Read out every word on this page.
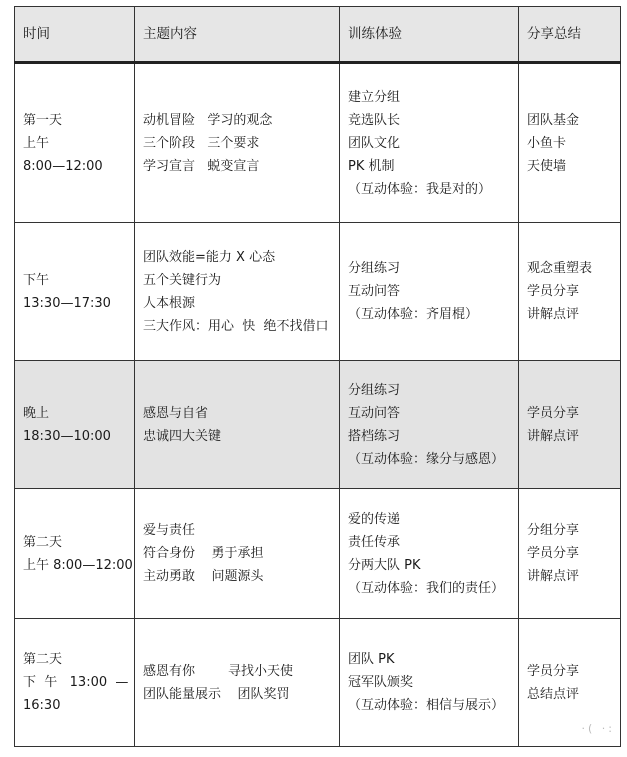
时间	主题内容	训练体验	分享总结

第一天
上午
8:00—12:00	动机冒险   学习的观念
三个阶段   三个要求
学习宣言   蜕变宣言	建立分组
竞选队长
团队文化
PK 机制
（互动体验：我是对的）	团队基金
小鱼卡
天使墙

下午
13:30—17:30	团队效能=能力 X 心态
五个关键行为
人本根源
三大作风：用心  快  绝不找借口	分组练习
互动问答
（互动体验：齐眉棍）	观念重塑表
学员分享
讲解点评

晚上
18:30—10:00	感恩与自省
忠诚四大关键	分组练习
互动问答
搭档练习
（互动体验：缘分与感恩）	学员分享
讲解点评

第二天
上午 8:00—12:00	爱与责任
符合身份    勇于承担
主动勇敢    问题源头	爱的传递
责任传承
分两大队 PK
（互动体验：我们的责任）	分组分享
学员分享
讲解点评

第二天
下  午   13:00  —
16:30	感恩有你        寻找小天使
团队能量展示    团队奖罚	团队 PK
冠军队颁奖
（互动体验：相信与展示）	学员分享
总结点评
·( ·:
